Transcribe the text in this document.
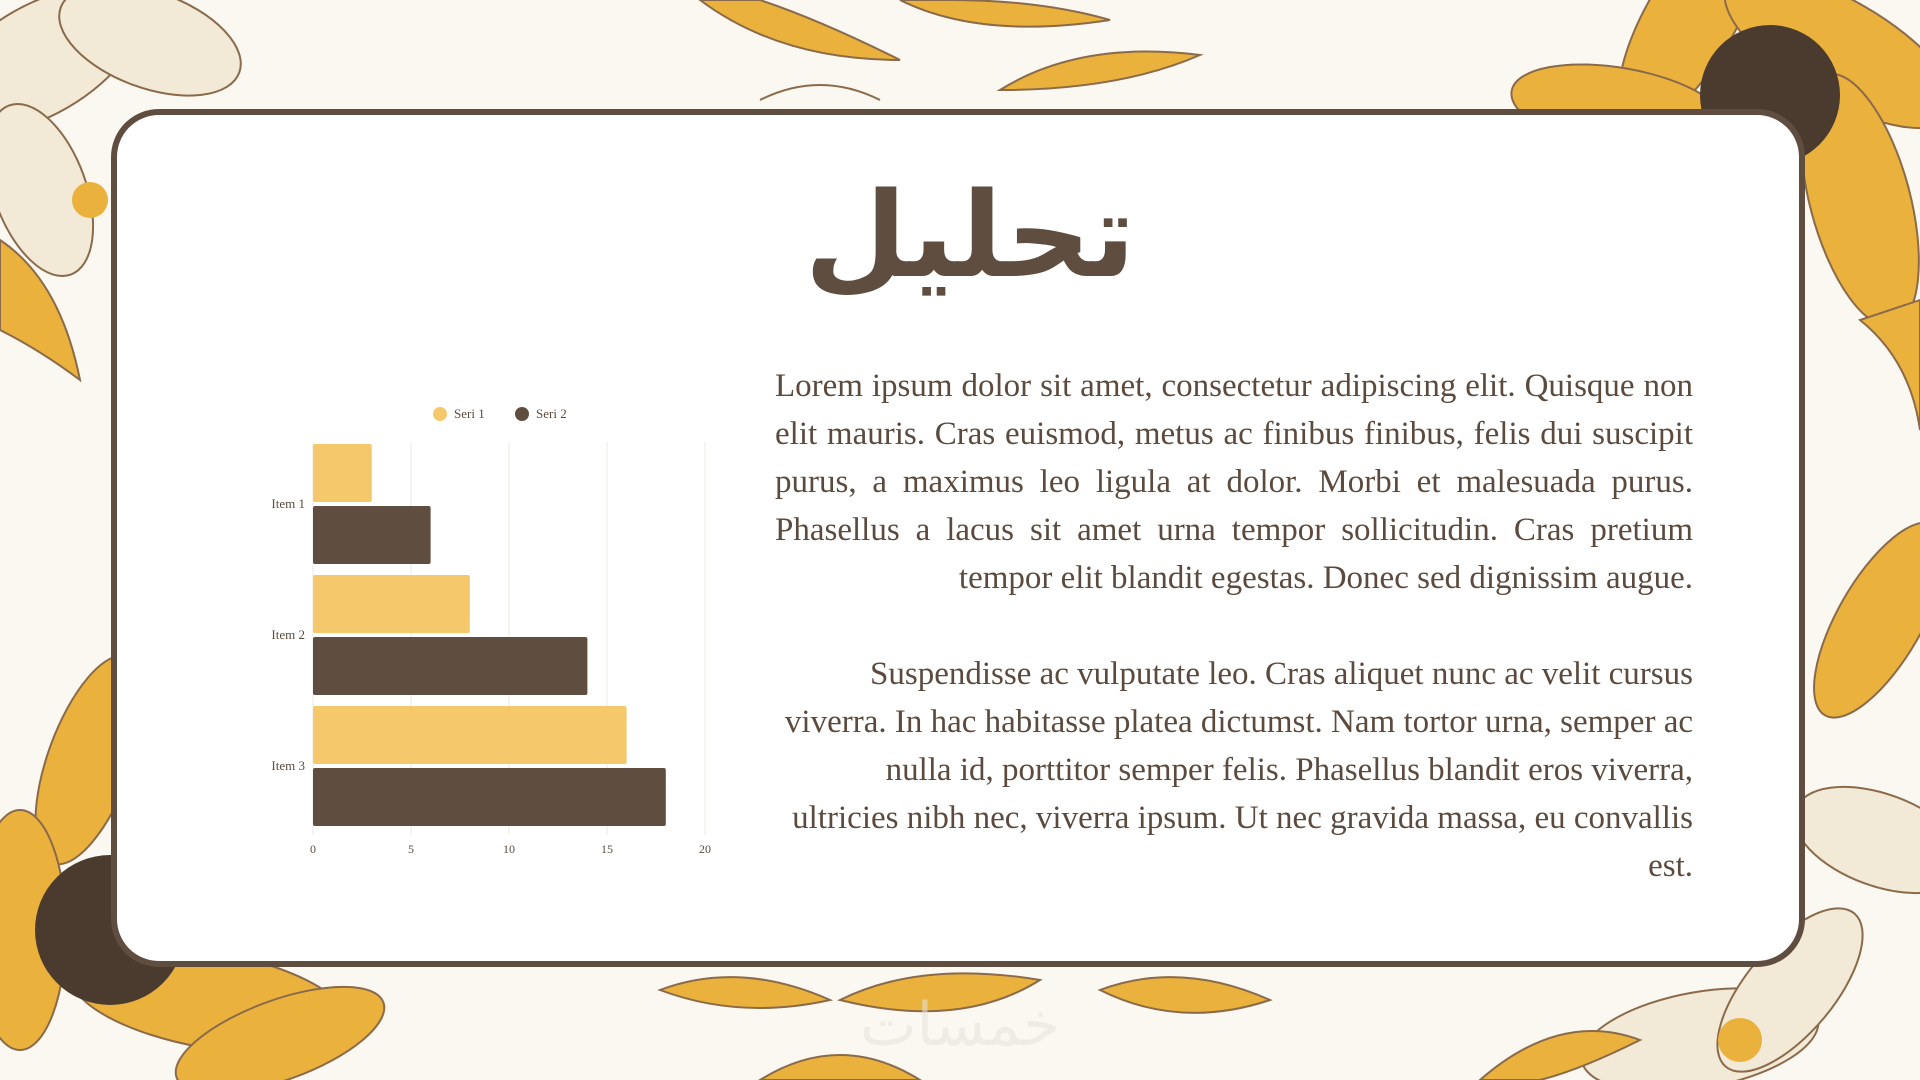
تحليل
Lorem ipsum dolor sit amet, consectetur adipiscing elit. Quisque non elit mauris. Cras euismod, metus ac finibus finibus, felis dui suscipit purus, a maximus leo ligula at dolor. Morbi et malesuada purus. Phasellus a lacus sit amet urna tempor sollicitudin. Cras pretium tempor elit blandit egestas. Donec sed dignissim augue.
Suspendisse ac vulputate leo. Cras aliquet nunc ac velit cursus viverra. In hac habitasse platea dictumst. Nam tortor urna, semper ac nulla id, porttitor semper felis. Phasellus blandit eros viverra, ultricies nibh nec, viverra ipsum. Ut nec gravida massa, eu convallis est.
0	5	10	15	20
Seri 1	Seri 2
Item 1
Item 2
Item 3
خمسات
